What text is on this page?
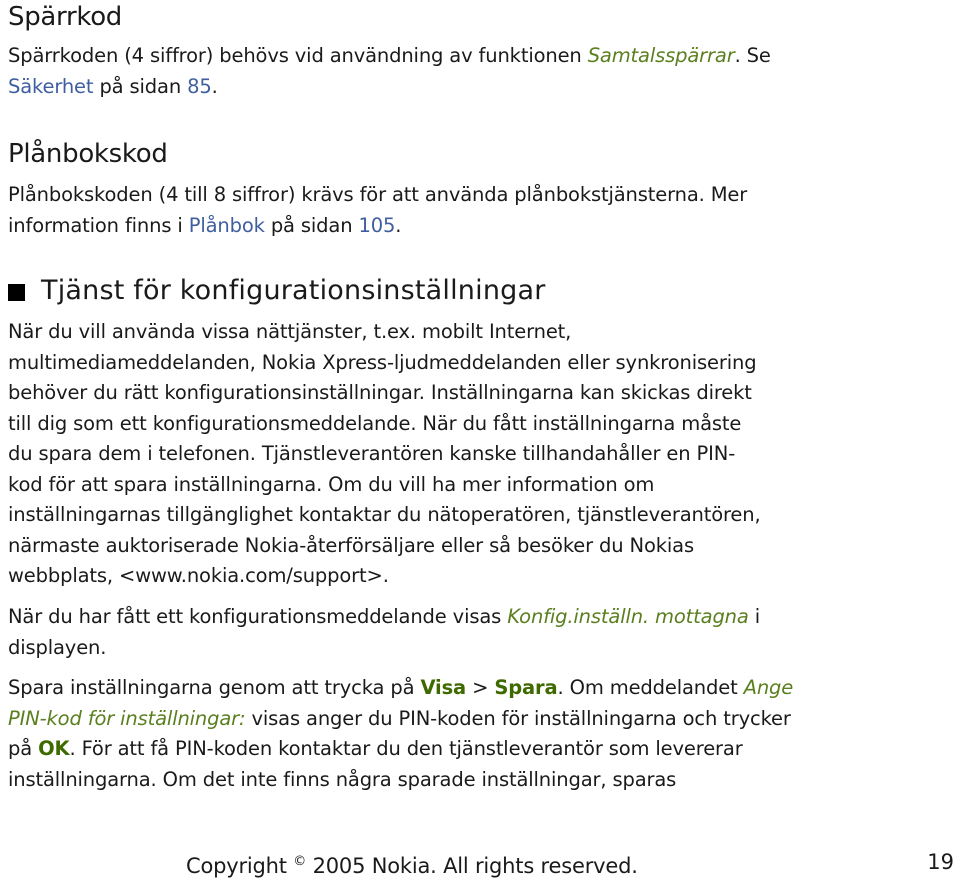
Spärrkod

Spärrkoden (4 siffror) behövs vid användning av funktionen Samtalsspärrar. Se
Säkerhet på sidan 85.

Plånbokskod

Plånbokskoden (4 till 8 siffror) krävs för att använda plånbokstjänsterna. Mer information finns i Plånbok på sidan 105.

Tjänst för konfigurationsinställningar

När du vill använda vissa nättjänster, t.ex. mobilt Internet, multimediameddelanden, Nokia Xpress-ljudmeddelanden eller synkronisering behöver du rätt konfigurationsinställningar. Inställningarna kan skickas direkt till dig som ett konfigurationsmeddelande. När du fått inställningarna måste du spara dem i telefonen. Tjänstleverantören kanske tillhandahåller en PIN-kod för att spara inställningarna. Om du vill ha mer information om inställningarnas tillgänglighet kontaktar du nätoperatören, tjänstleverantören, närmaste auktoriserade Nokia-återförsäljare eller så besöker du Nokias webbplats, <www.nokia.com/support>.

När du har fått ett konfigurationsmeddelande visas Konfig.inställn. mottagna i displayen.

Spara inställningarna genom att trycka på Visa > Spara. Om meddelandet Ange PIN-kod för inställningar: visas anger du PIN-koden för inställningarna och trycker på OK. För att få PIN-koden kontaktar du den tjänstleverantör som levererar inställningarna. Om det inte finns några sparade inställningar, sparas

Copyright © 2005 Nokia. All rights reserved.	19
